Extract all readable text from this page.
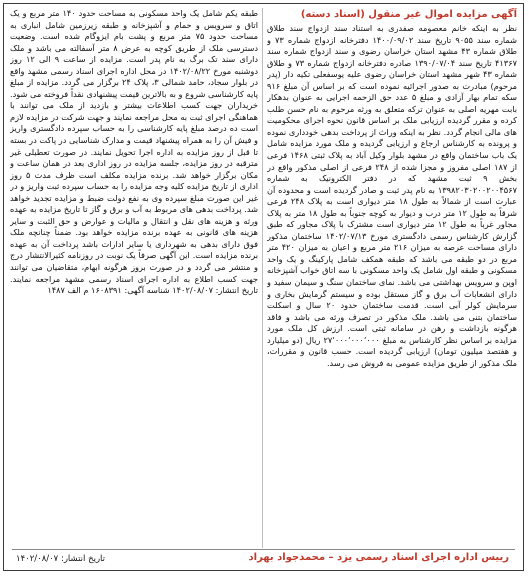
آگهی مزایده اموال غیر منقول (اسناد دسته)

نظر به اینکه خانم معصومه صفدری به استناد سند ازدواج سند طلاق شماره سند ۹۰۵۵ تاریخ سند ۱۴۰۰/۰۹/۰۲ دفترخانه ازدواج شماره ۷۳ و طلاق شماره ۴۳ مشهد استان خراسان رضوی و سند ازدواج شماره سند ۴۱۳۶۷ تاریخ سند ۱۳۹۰/۰۷/۰۴ صادره دفترخانه ازدواج شماره ۷۳ و طلاق شماره ۴۳ شهر مشهد استان خراسان رضوی علیه یوسفعلی تکیه دار (پدر مرحوم) مبادرت به صدور اجرائیه نموده است که بر اساس آن مبلغ ۹۱۶ سکه تمام بهار آزادی و مبلغ ۵ عدد حق الزحمه اجرایی به عنوان بدهکار بابت مهریه اصلی به عنوان ترکه متعلق به ورثه مرحوم به نام حسن طلب کرده و مقرر گردیده ارزیابی ملک بر اساس قانون نحوه اجرای محکومیت های مالی انجام گردد. نظر به اینکه وراث از پرداخت بدهی خودداری نموده و پرونده به کارشناس ارجاع و ارزیابی گردیده و ملک مورد مزایده شامل یک باب ساختمان واقع در مشهد بلوار وکیل آباد به پلاک ثبتی ۱۴۶۸ فرعی از ۱۸۷ اصلی مفروز و مجزا شده از ۲۴۸ فرعی از اصلی مذکور واقع در بخش ۹ ثبت مشهد که در دفتر الکترونیک به شماره ۱۳۹۸۲۰۳۰۲۰۰۲۰۰۴۵۶۷ به نام پدر ثبت و صادر گردیده است و محدوده آن عبارت است از شمالاً به طول ۱۸ متر دیواری است به پلاک ۲۴۸ فرعی شرقاً به طول ۱۲ متر درب و دیوار به کوچه جنوباً به طول ۱۸ متر به پلاک مجاور غرباً به طول ۱۲ متر دیواری است مشترک با پلاک مجاور که طبق گزارش کارشناس رسمی دادگستری مورخ ۱۴۰۲/۰۷/۱۳ ساختمان مذکور دارای مساحت عرصه به میزان ۲۱۶ متر مربع و اعیان به میزان ۴۲۰ متر مربع در دو طبقه می باشد که طبقه همکف شامل پارکینگ و یک واحد مسکونی و طبقه اول شامل یک واحد مسکونی با سه اتاق خواب آشپزخانه اوپن و سرویس بهداشتی می باشد. نمای ساختمان سنگ و سیمان سفید و دارای انشعابات آب برق و گاز مستقل بوده و سیستم گرمایش بخاری و سرمایش کولر آبی است. قدمت ساختمان حدود ۲۰ سال و اسکلت ساختمان بتنی می باشد. ملک مذکور در تصرف ورثه می باشد و فاقد هرگونه بازداشت و رهن در سامانه ثبتی است. ارزش کل ملک مورد مزایده بر اساس نظر کارشناس به مبلغ ۲۷٬۰۰۰٬۰۰۰٬۰۰۰ ریال (دو میلیارد و هفتصد میلیون تومان) ارزیابی گردیده است. حسب قانون و مقررات، ملک مذکور از طریق مزایده عمومی به فروش می رسد.

طبقه یکم شامل یک واحد مسکونی به مساحت حدود ۱۴۰ متر مربع و یک اتاق و سرویس و حمام و آشپزخانه و طبقه زیرزمین شامل انباری به مساحت حدود ۷۵ متر مربع و پشت بام ایزوگام شده است. وضعیت دسترسی ملک از طریق کوچه به عرض ۸ متر آسفالته می باشد و ملک دارای سند تک برگ به نام پدر است. مزایده از ساعت ۹ الی ۱۲ روز دوشنبه مورخ ۱۴۰۲/۰۸/۲۲ در محل اداره اجرای اسناد رسمی مشهد واقع در بلوار سجاد، حامد شمالی ۳، پلاک ۲۴ برگزار می گردد. مزایده از مبلغ پایه کارشناسی شروع و به بالاترین قیمت پیشنهادی نقداً فروخته می شود. خریداران جهت کسب اطلاعات بیشتر و بازدید از ملک می توانند با هماهنگی اجرای ثبت به محل مراجعه نمایند و جهت شرکت در مزایده لازم است ده درصد مبلغ پایه کارشناسی را به حساب سپرده دادگستری واریز و فیش آن را به همراه پیشنهاد قیمت و مدارک شناسایی در پاکت در بسته تا قبل از روز مزایده به اداره اجرا تحویل نمایند. در صورت تعطیلی غیر مترقبه در روز مزایده، جلسه مزایده در روز اداری بعد در همان ساعت و مکان برگزار خواهد شد. برنده مزایده مکلف است ظرف مدت ۵ روز اداری از تاریخ مزایده کلیه وجه مزایده را به حساب سپرده ثبت واریز و در غیر این صورت مبلغ سپرده وی به نفع دولت ضبط و مزایده تجدید خواهد شد. پرداخت بدهی های مربوط به آب و برق و گاز تا تاریخ مزایده به عهده ورثه و هزینه های نقل و انتقال و مالیات و عوارض و حق الثبت و سایر هزینه های قانونی به عهده برنده مزایده خواهد بود. ضمناً چنانچه ملک فوق دارای بدهی به شهرداری یا سایر ادارات باشد پرداخت آن به عهده برنده مزایده است. این آگهی صرفاً یک نوبت در روزنامه کثیرالانتشار درج و منتشر می گردد و در صورت بروز هرگونه ابهام، متقاضیان می توانند جهت کسب اطلاع به اداره اجرای اسناد رسمی مشهد مراجعه نمایند. تاریخ انتشار: ۱۴۰۲/۰۸/۰۷ شناسه آگهی: ۱۶۰۸۳۹۱ م الف ۱۴۸۷

رییس اداره اجرای اسناد رسمی یزد – محمدجواد بهراد
تاریخ انتشار: ۱۴۰۲/۰۸/۰۷
